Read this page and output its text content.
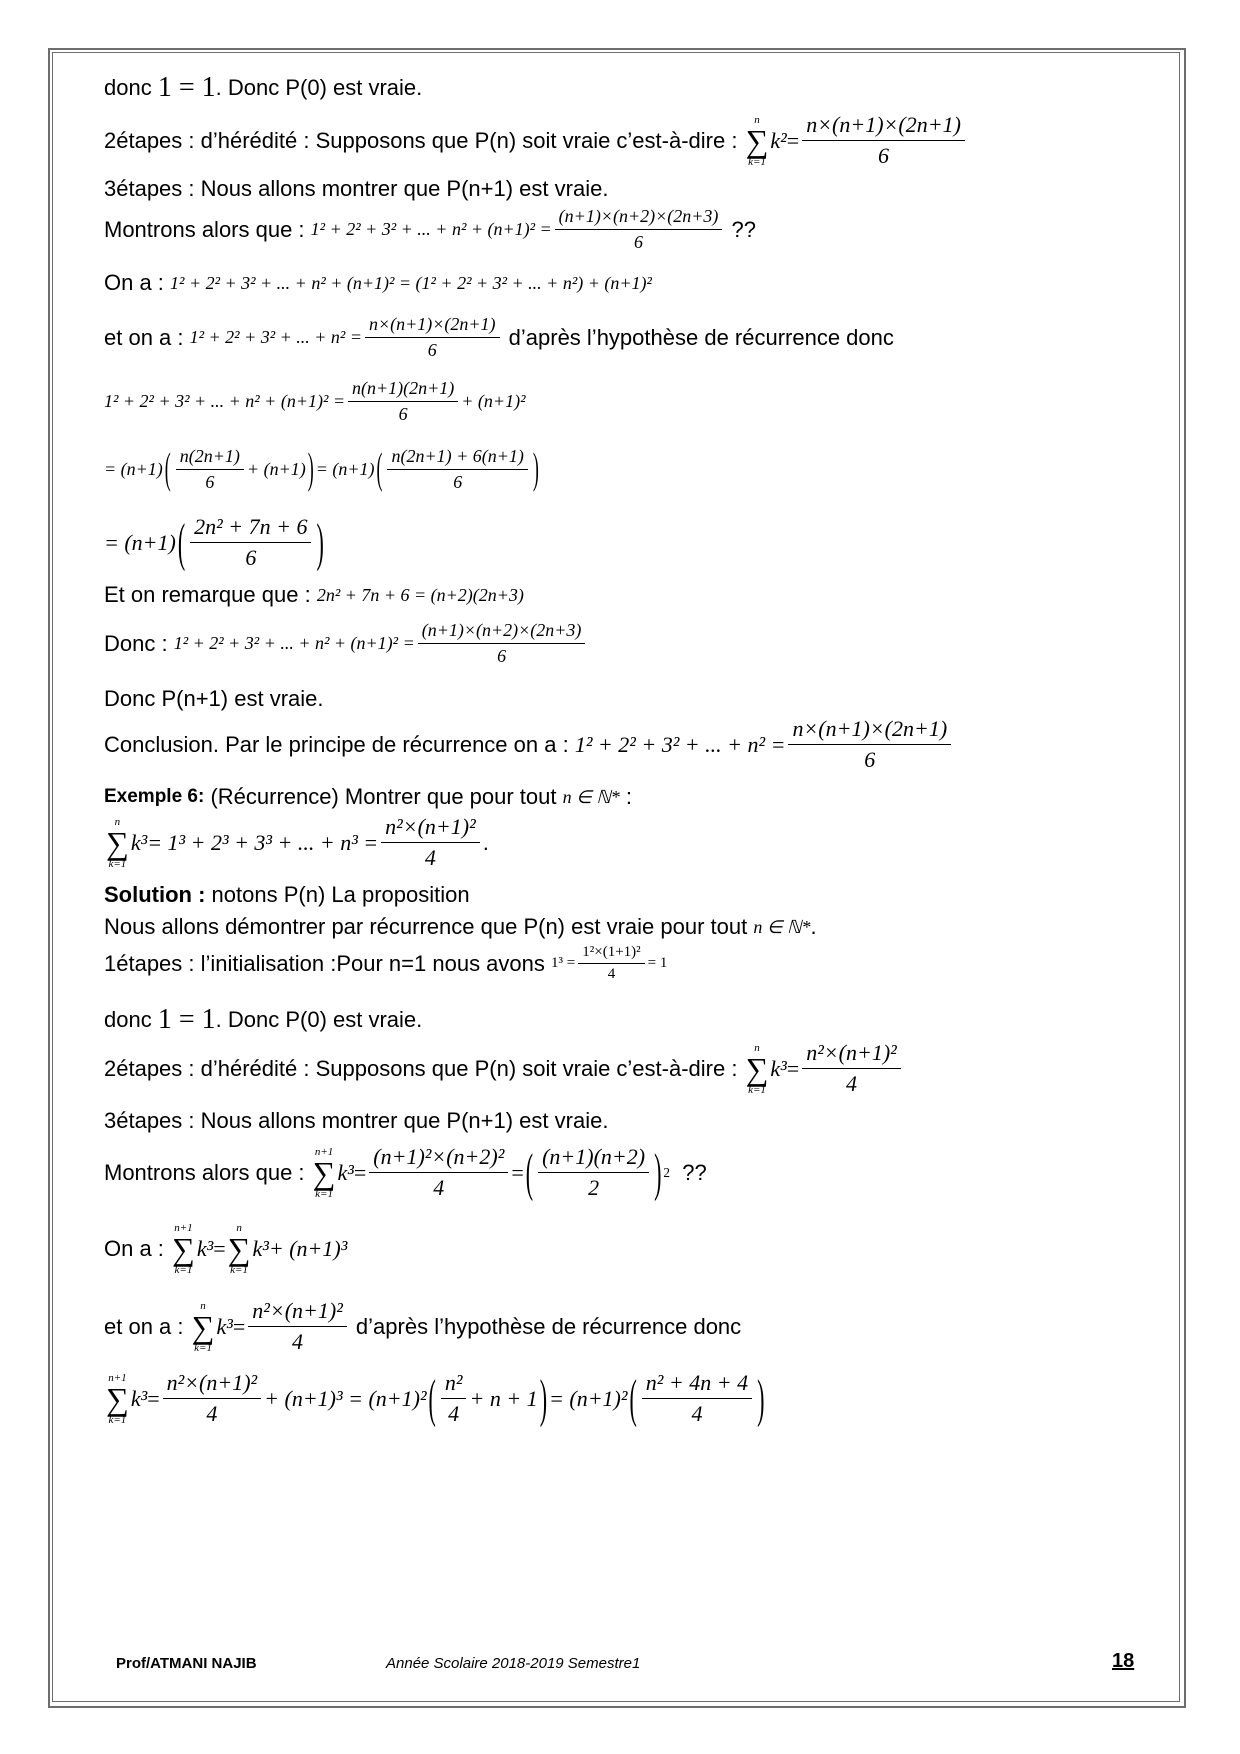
donc
1 = 1 . Donc P(0) est vraie.
2étapes : d’hérédité : Supposons que P(n) soit vraie c’est-à-dire :

n
∑
k=1
$k^2 = \frac{n\times(n+1)\times(2n+1)}{6}$
3étapes : Nous allons montrer que P(n+1) est vraie.
Montrons alors que :
1² + 2² + 3² + ... + $n^2 + (n+1)^2 = \frac{(n+1)\times(n+2)\times(2n+3)}{6}$
??
On a :
1² + 2² + 3² + ... + n² + (n+1)² = (1² + 2² + 3² + ... + n²) + (n+1)²
et on a :
1² + 2² + 3² + ... + $n^2 = \frac{n\times(n+1)\times(2n+1)}{6}$
d’après l’hypothèse de récurrence donc
1² + 2² + 3² + ... + $n^2 + (n+1)^2 = \frac{n(n+1)(2n+1)}{6} + (n+1)^2$
= (n+1) ( $\frac{n(2n+1)}{6} + (n+1)$ ) = (n+1) ( $\frac{n(2n+1) + 6(n+1)}{6}$ )
= (n+1) ( $\frac{\text{2n² + 7n + 6}}{6}$ )
Et on remarque que :
2n² + 7n + 6 = (n+2)(2n+3)
Donc :
1² + 2² + 3² + ... + $n^2 + (n+1)^2 = \frac{(n+1)\times(n+2)\times(2n+3)}{6}$
Donc P(n+1) est vraie.
Conclusion. Par le principe de récurrence on a :
1² + 2² + 3² + ... + $n^2 = \frac{n\times(n+1)\times(2n+1)}{6}$
Exemple 6:
(Récurrence) Montrer que pour tout
n ∈ ℕ*
:
n
∑
k=1
k³ = 1³ + 2³ + 3³ + ... + $n^3 = \frac{\text{n²×(n+1)²}}{4}$ .
Solution :
notons P(n) La proposition
Nous allons démontrer par récurrence que P(n) est vraie pour tout
n ∈ ℕ* .
1étapes : l’initialisation :Pour n=1 nous avons
$1^3 = \frac{\text{1²×(1+1)²}}{4} = 1$
donc
1 = 1 . Donc P(0) est vraie.
2étapes : d’hérédité : Supposons que P(n) soit vraie c’est-à-dire :

n
∑
k=1
$k^3 = \frac{\text{n²×(n+1)²}}{4}$
3étapes : Nous allons montrer que P(n+1) est vraie.
Montrons alors que :

n+1
∑
k=1
$k^3 = \frac{\text{(n+1)²×(n+2)²}}{4}$ = ( $\frac{(n+1)(n+2)}{2}$ ) 2
??
On a :

n+1
∑
k=1
k³ =
n
∑
k=1
k³ + (n+1)³
et on a :

n
∑
k=1
$k^3 = \frac{\text{n²×(n+1)²}}{4}$
d’après l’hypothèse de récurrence donc
n+1
∑
k=1
$k^3 = \frac{\text{n²×(n+1)²}}{4} + (n+1)^3 = (n+1)^2$ ( $\frac{\text{n²}}{4} + n + 1$ ) = (n+1)² ( $\frac{\text{n² + 4n + 4}}{4}$ )
Prof/ATMANI NAJIB	Année Scolaire 2018-2019 Semestre1	18
